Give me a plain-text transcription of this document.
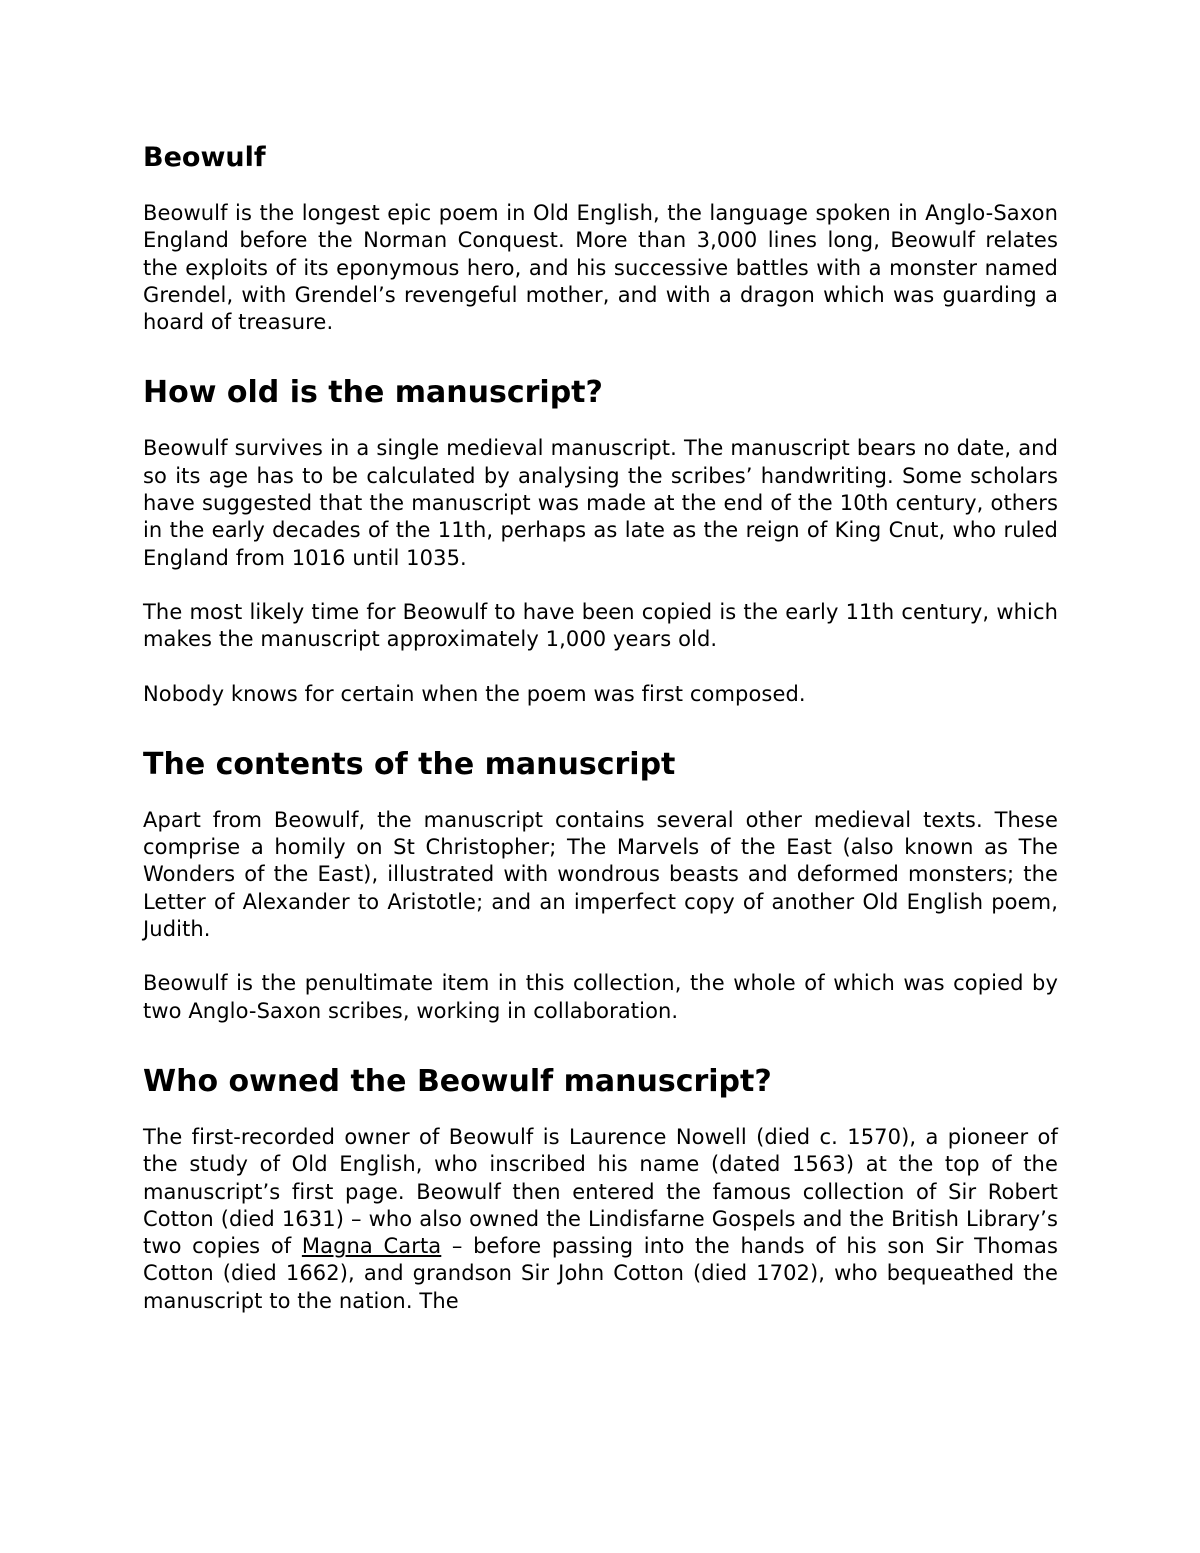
Beowulf

Beowulf is the longest epic poem in Old English, the language spoken in Anglo-Saxon England before the Norman Conquest. More than 3,000 lines long, Beowulf relates the exploits of its eponymous hero, and his successive battles with a monster named Grendel, with Grendel’s revengeful mother, and with a dragon which was guarding a hoard of treasure.

How old is the manuscript?

Beowulf survives in a single medieval manuscript. The manuscript bears no date, and so its age has to be calculated by analysing the scribes’ handwriting. Some scholars have suggested that the manuscript was made at the end of the 10th century, others in the early decades of the 11th, perhaps as late as the reign of King Cnut, who ruled England from 1016 until 1035.

The most likely time for Beowulf to have been copied is the early 11th century, which makes the manuscript approximately 1,000 years old.

Nobody knows for certain when the poem was first composed.

The contents of the manuscript

Apart from Beowulf, the manuscript contains several other medieval texts. These comprise a homily on St Christopher; The Marvels of the East (also known as The Wonders of the East), illustrated with wondrous beasts and deformed monsters; the Letter of Alexander to Aristotle; and an imperfect copy of another Old English poem, Judith.

Beowulf is the penultimate item in this collection, the whole of which was copied by two Anglo-Saxon scribes, working in collaboration.

Who owned the Beowulf manuscript?

The first-recorded owner of Beowulf is Laurence Nowell (died c. 1570), a pioneer of the study of Old English, who inscribed his name (dated 1563) at the top of the manuscript’s first page. Beowulf then entered the famous collection of Sir Robert Cotton (died 1631) – who also owned the Lindisfarne Gospels and the British Library’s two copies of Magna Carta – before passing into the hands of his son Sir Thomas Cotton (died 1662), and grandson Sir John Cotton (died 1702), who bequeathed the manuscript to the nation. The
